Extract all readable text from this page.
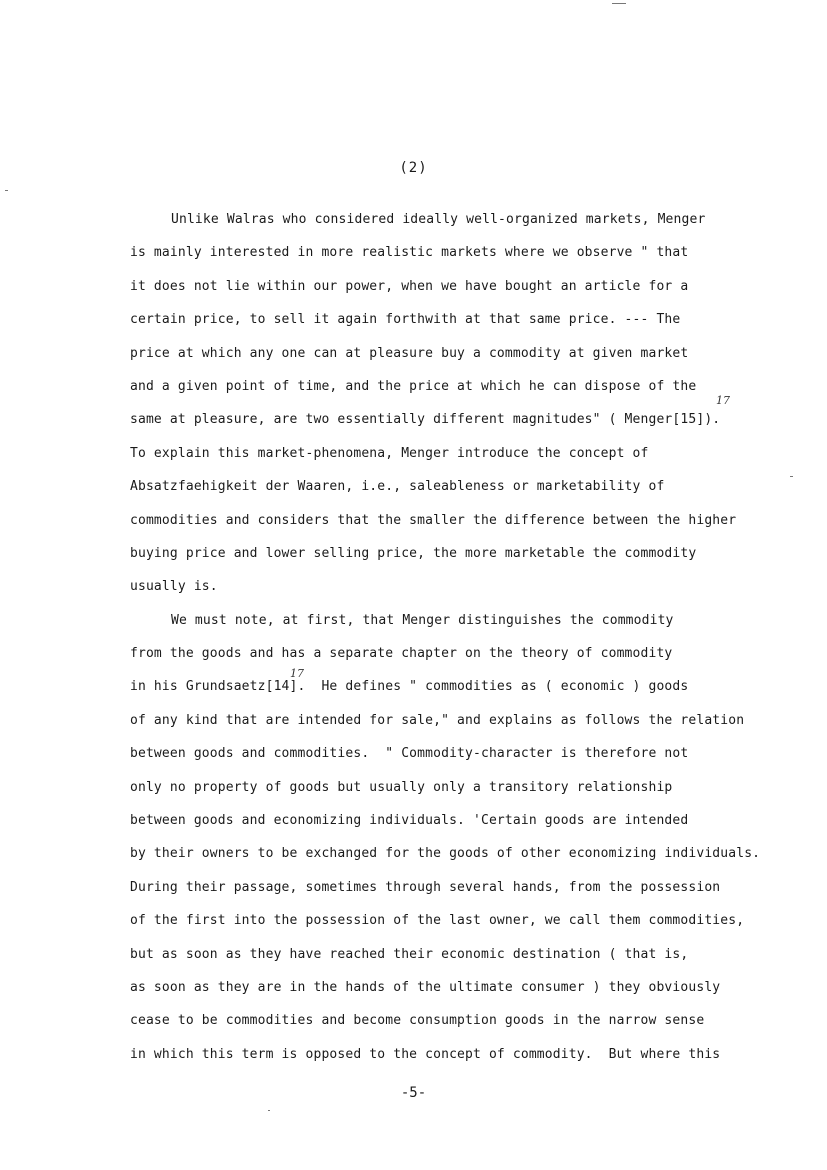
(2)
17
17
Unlike Walras who considered ideally well-organized markets, Menger
is mainly interested in more realistic markets where we observe " that
it does not lie within our power, when we have bought an article for a
certain price, to sell it again forthwith at that same price. --- The
price at which any one can at pleasure buy a commodity at given market
and a given point of time, and the price at which he can dispose of the
same at pleasure, are two essentially different magnitudes" ( Menger[15]).
To explain this market-phenomena, Menger introduce the concept of
Absatzfaehigkeit der Waaren, i.e., saleableness or marketability of
commodities and considers that the smaller the difference between the higher
buying price and lower selling price, the more marketable the commodity
usually is.
We must note, at first, that Menger distinguishes the commodity
from the goods and has a separate chapter on the theory of commodity
in his Grundsaetz[14].  He defines " commodities as ( economic ) goods
of any kind that are intended for sale," and explains as follows the relation
between goods and commodities.  " Commodity-character is therefore not
only no property of goods but usually only a transitory relationship
between goods and economizing individuals. 'Certain goods are intended
by their owners to be exchanged for the goods of other economizing individuals.
During their passage, sometimes through several hands, from the possession
of the first into the possession of the last owner, we call them commodities,
but as soon as they have reached their economic destination ( that is,
as soon as they are in the hands of the ultimate consumer ) they obviously
cease to be commodities and become consumption goods in the narrow sense
in which this term is opposed to the concept of commodity.  But where this
-5-
